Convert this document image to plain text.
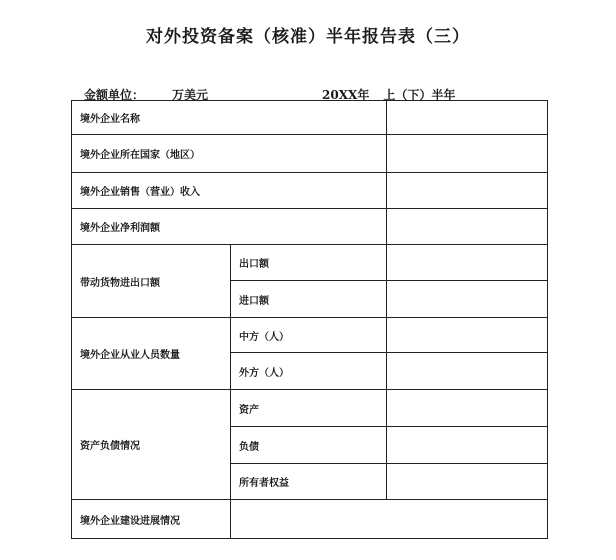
对外投资备案（核准）半年报告表（三）
金额单位： 万美元	20XX年 上（下）半年
境外企业名称		
境外企业所在国家（地区）		
境外企业销售（营业）收入		
境外企业净利润额		
带动货物进出口额	出口额	
	进口额	
境外企业从业人员数量	中方（人）	
	外方（人）	
资产负债情况	资产	
	负债	
	所有者权益	
境外企业建设进展情况		
